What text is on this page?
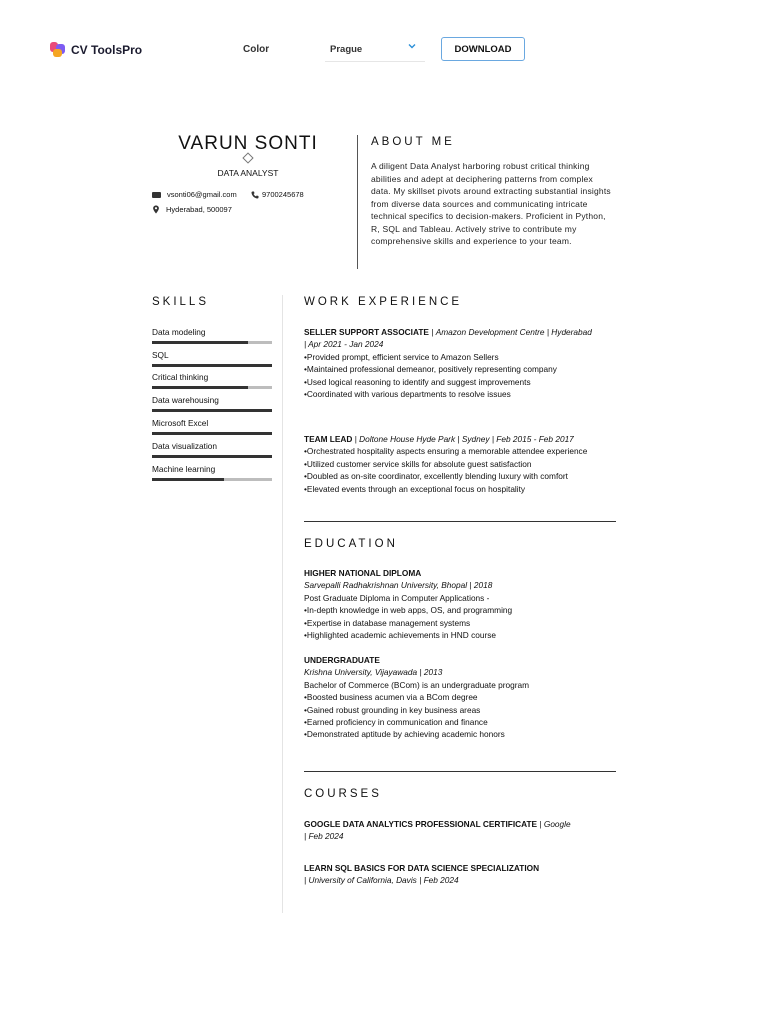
CV ToolsPro	Color	Prague	DOWNLOAD
VARUN SONTI
DATA ANALYST
vsonti06@gmail.com	9700245678
Hyderabad, 500097
ABOUT ME
A diligent Data Analyst harboring robust critical thinking abilities and adept at deciphering patterns from complex data. My skillset pivots around extracting substantial insights from diverse data sources and communicating intricate technical specifics to decision-makers. Proficient in Python, R, SQL and Tableau. Actively strive to contribute my comprehensive skills and experience to your team.
SKILLS
Data modeling
SQL
Critical thinking
Data warehousing
Microsoft Excel
Data visualization
Machine learning
WORK EXPERIENCE
SELLER SUPPORT ASSOCIATE | Amazon Development Centre | Hyderabad
| Apr 2021 - Jan 2024
• Provided prompt, efficient service to Amazon Sellers
• Maintained professional demeanor, positively representing company
• Used logical reasoning to identify and suggest improvements
• Coordinated with various departments to resolve issues
TEAM LEAD | Doltone House Hyde Park | Sydney | Feb 2015 - Feb 2017
• Orchestrated hospitality aspects ensuring a memorable attendee experience
• Utilized customer service skills for absolute guest satisfaction
• Doubled as on-site coordinator, excellently blending luxury with comfort
• Elevated events through an exceptional focus on hospitality
EDUCATION
HIGHER NATIONAL DIPLOMA
Sarvepalli Radhakrishnan University, Bhopal | 2018
Post Graduate Diploma in Computer Applications -
• In-depth knowledge in web apps, OS, and programming
• Expertise in database management systems
• Highlighted academic achievements in HND course
UNDERGRADUATE
Krishna University, Vijayawada | 2013
Bachelor of Commerce (BCom) is an undergraduate program
• Boosted business acumen via a BCom degree
• Gained robust grounding in key business areas
• Earned proficiency in communication and finance
• Demonstrated aptitude by achieving academic honors
COURSES
GOOGLE DATA ANALYTICS PROFESSIONAL CERTIFICATE | Google
| Feb 2024
LEARN SQL BASICS FOR DATA SCIENCE SPECIALIZATION
| University of California, Davis | Feb 2024
